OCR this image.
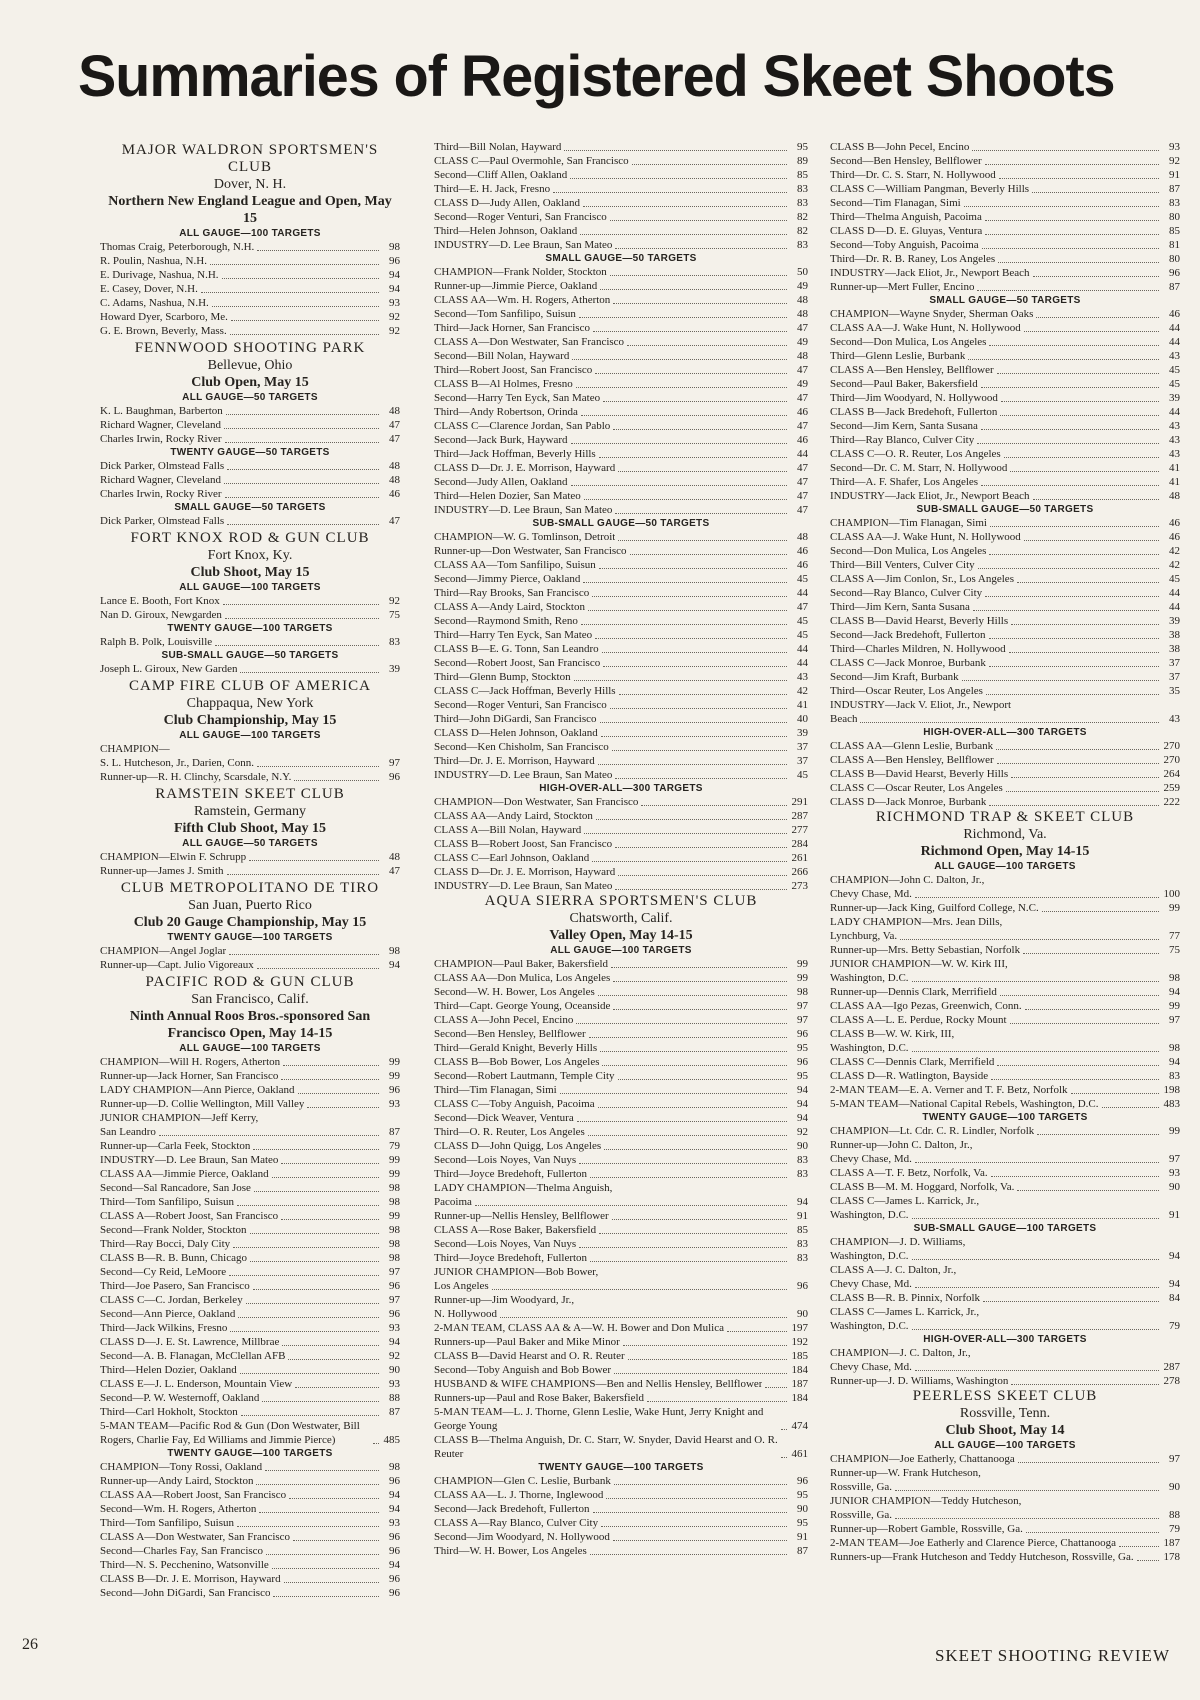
Summaries of Registered Skeet Shoots
MAJOR WALDRON SPORTSMEN'S CLUB
Dover, N. H.
Northern New England League and Open, May 15
ALL GAUGE—100 TARGETS
Thomas Craig, Peterborough, N.H.	98
R. Poulin, Nashua, N.H.	96
E. Durivage, Nashua, N.H.	94
E. Casey, Dover, N.H.	94
C. Adams, Nashua, N.H.	93
Howard Dyer, Scarboro, Me.	92
G. E. Brown, Beverly, Mass.	92
FENNWOOD SHOOTING PARK
Bellevue, Ohio
Club Open, May 15
ALL GAUGE—50 TARGETS
K. L. Baughman, Barberton	48
Richard Wagner, Cleveland	47
Charles Irwin, Rocky River	47
TWENTY GAUGE—50 TARGETS
Dick Parker, Olmstead Falls	48
Richard Wagner, Cleveland	48
Charles Irwin, Rocky River	46
SMALL GAUGE—50 TARGETS
Dick Parker, Olmstead Falls	47
FORT KNOX ROD & GUN CLUB
Fort Knox, Ky.
Club Shoot, May 15
ALL GAUGE—100 TARGETS
Lance E. Booth, Fort Knox	92
Nan D. Giroux, Newgarden	75
TWENTY GAUGE—100 TARGETS
Ralph B. Polk, Louisville	83
SUB-SMALL GAUGE—50 TARGETS
Joseph L. Giroux, New Garden	39
CAMP FIRE CLUB OF AMERICA
Chappaqua, New York
Club Championship, May 15
ALL GAUGE—100 TARGETS
CHAMPION—
S. L. Hutcheson, Jr., Darien, Conn.	97
Runner-up—R. H. Clinchy, Scarsdale, N.Y.	96
RAMSTEIN SKEET CLUB
Ramstein, Germany
Fifth Club Shoot, May 15
ALL GAUGE—50 TARGETS
CHAMPION—Elwin F. Schrupp	48
Runner-up—James J. Smith	47
CLUB METROPOLITANO DE TIRO
San Juan, Puerto Rico
Club 20 Gauge Championship, May 15
TWENTY GAUGE—100 TARGETS
CHAMPION—Angel Joglar	98
Runner-up—Capt. Julio Vigoreaux	94
PACIFIC ROD & GUN CLUB
San Francisco, Calif.
Ninth Annual Roos Bros.-sponsored San Francisco Open, May 14-15
ALL GAUGE—100 TARGETS
CHAMPION—Will H. Rogers, Atherton	99
Runner-up—Jack Horner, San Francisco	99
LADY CHAMPION—Ann Pierce, Oakland	96
Runner-up—D. Collie Wellington, Mill Valley	93
JUNIOR CHAMPION—Jeff Kerry,
San Leandro	87
Runner-up—Carla Feek, Stockton	79
INDUSTRY—D. Lee Braun, San Mateo	99
CLASS AA—Jimmie Pierce, Oakland	99
Second—Sal Rancadore, San Jose	98
Third—Tom Sanfilipo, Suisun	98
CLASS A—Robert Joost, San Francisco	99
Second—Frank Nolder, Stockton	98
Third—Ray Bocci, Daly City	98
CLASS B—R. B. Bunn, Chicago	98
Second—Cy Reid, LeMoore	97
Third—Joe Pasero, San Francisco	96
CLASS C—C. Jordan, Berkeley	97
Second—Ann Pierce, Oakland	96
Third—Jack Wilkins, Fresno	93
CLASS D—J. E. St. Lawrence, Millbrae	94
Second—A. B. Flanagan, McClellan AFB	92
Third—Helen Dozier, Oakland	90
CLASS E—J. L. Enderson, Mountain View	93
Second—P. W. Westernoff, Oakland	88
Third—Carl Hokholt, Stockton	87
5-MAN TEAM—Pacific Rod & Gun (Don Westwater, Bill Rogers, Charlie Fay, Ed Williams and Jimmie Pierce)	485
TWENTY GAUGE—100 TARGETS
CHAMPION—Tony Rossi, Oakland	98
Runner-up—Andy Laird, Stockton	96
CLASS AA—Robert Joost, San Francisco	94
Second—Wm. H. Rogers, Atherton	94
Third—Tom Sanfilipo, Suisun	93
CLASS A—Don Westwater, San Francisco	96
Second—Charles Fay, San Francisco	96
Third—N. S. Pecchenino, Watsonville	94
CLASS B—Dr. J. E. Morrison, Hayward	96
Second—John DiGardi, San Francisco	96
Third—Bill Nolan, Hayward	95
CLASS C—Paul Overmohle, San Francisco	89
Second—Cliff Allen, Oakland	85
Third—E. H. Jack, Fresno	83
CLASS D—Judy Allen, Oakland	83
Second—Roger Venturi, San Francisco	82
Third—Helen Johnson, Oakland	82
INDUSTRY—D. Lee Braun, San Mateo	83
SMALL GAUGE—50 TARGETS
CHAMPION—Frank Nolder, Stockton	50
Runner-up—Jimmie Pierce, Oakland	49
CLASS AA—Wm. H. Rogers, Atherton	48
Second—Tom Sanfilipo, Suisun	48
Third—Jack Horner, San Francisco	47
CLASS A—Don Westwater, San Francisco	49
Second—Bill Nolan, Hayward	48
Third—Robert Joost, San Francisco	47
CLASS B—Al Holmes, Fresno	49
Second—Harry Ten Eyck, San Mateo	47
Third—Andy Robertson, Orinda	46
CLASS C—Clarence Jordan, San Pablo	47
Second—Jack Burk, Hayward	46
Third—Jack Hoffman, Beverly Hills	44
CLASS D—Dr. J. E. Morrison, Hayward	47
Second—Judy Allen, Oakland	47
Third—Helen Dozier, San Mateo	47
INDUSTRY—D. Lee Braun, San Mateo	47
SUB-SMALL GAUGE—50 TARGETS
CHAMPION—W. G. Tomlinson, Detroit	48
Runner-up—Don Westwater, San Francisco	46
CLASS AA—Tom Sanfilipo, Suisun	46
Second—Jimmy Pierce, Oakland	45
Third—Ray Brooks, San Francisco	44
CLASS A—Andy Laird, Stockton	47
Second—Raymond Smith, Reno	45
Third—Harry Ten Eyck, San Mateo	45
CLASS B—E. G. Tonn, San Leandro	44
Second—Robert Joost, San Francisco	44
Third—Glenn Bump, Stockton	43
CLASS C—Jack Hoffman, Beverly Hills	42
Second—Roger Venturi, San Francisco	41
Third—John DiGardi, San Francisco	40
CLASS D—Helen Johnson, Oakland	39
Second—Ken Chisholm, San Francisco	37
Third—Dr. J. E. Morrison, Hayward	37
INDUSTRY—D. Lee Braun, San Mateo	45
HIGH-OVER-ALL—300 TARGETS
CHAMPION—Don Westwater, San Francisco	291
CLASS AA—Andy Laird, Stockton	287
CLASS A—Bill Nolan, Hayward	277
CLASS B—Robert Joost, San Francisco	284
CLASS C—Earl Johnson, Oakland	261
CLASS D—Dr. J. E. Morrison, Hayward	266
INDUSTRY—D. Lee Braun, San Mateo	273
AQUA SIERRA SPORTSMEN'S CLUB
Chatsworth, Calif.
Valley Open, May 14-15
ALL GAUGE—100 TARGETS
CHAMPION—Paul Baker, Bakersfield	99
CLASS AA—Don Mulica, Los Angeles	99
Second—W. H. Bower, Los Angeles	98
Third—Capt. George Young, Oceanside	97
CLASS A—John Pecel, Encino	97
Second—Ben Hensley, Bellflower	96
Third—Gerald Knight, Beverly Hills	95
CLASS B—Bob Bower, Los Angeles	96
Second—Robert Lautmann, Temple City	95
Third—Tim Flanagan, Simi	94
CLASS C—Toby Anguish, Pacoima	94
Second—Dick Weaver, Ventura	94
Third—O. R. Reuter, Los Angeles	92
CLASS D—John Quigg, Los Angeles	90
Second—Lois Noyes, Van Nuys	83
Third—Joyce Bredehoft, Fullerton	83
LADY CHAMPION—Thelma Anguish,
Pacoima	94
Runner-up—Nellis Hensley, Bellflower	91
CLASS A—Rose Baker, Bakersfield	85
Second—Lois Noyes, Van Nuys	83
Third—Joyce Bredehoft, Fullerton	83
JUNIOR CHAMPION—Bob Bower,
Los Angeles	96
Runner-up—Jim Woodyard, Jr.,
N. Hollywood	90
2-MAN TEAM, CLASS AA & A—W. H. Bower and Don Mulica	197
Runners-up—Paul Baker and Mike Minor	192
CLASS B—David Hearst and O. R. Reuter	185
Second—Toby Anguish and Bob Bower	184
HUSBAND & WIFE CHAMPIONS—Ben and Nellis Hensley, Bellflower	187
Runners-up—Paul and Rose Baker, Bakersfield	184
5-MAN TEAM—L. J. Thorne, Glenn Leslie, Wake Hunt, Jerry Knight and George Young	474
CLASS B—Thelma Anguish, Dr. C. Starr, W. Snyder, David Hearst and O. R. Reuter	461
TWENTY GAUGE—100 TARGETS
CHAMPION—Glen C. Leslie, Burbank	96
CLASS AA—L. J. Thorne, Inglewood	95
Second—Jack Bredehoft, Fullerton	90
CLASS A—Ray Blanco, Culver City	95
Second—Jim Woodyard, N. Hollywood	91
Third—W. H. Bower, Los Angeles	87
CLASS B—John Pecel, Encino	93
Second—Ben Hensley, Bellflower	92
Third—Dr. C. S. Starr, N. Hollywood	91
CLASS C—William Pangman, Beverly Hills	87
Second—Tim Flanagan, Simi	83
Third—Thelma Anguish, Pacoima	80
CLASS D—D. E. Gluyas, Ventura	85
Second—Toby Anguish, Pacoima	81
Third—Dr. R. B. Raney, Los Angeles	80
INDUSTRY—Jack Eliot, Jr., Newport Beach	96
Runner-up—Mert Fuller, Encino	87
SMALL GAUGE—50 TARGETS
CHAMPION—Wayne Snyder, Sherman Oaks	46
CLASS AA—J. Wake Hunt, N. Hollywood	44
Second—Don Mulica, Los Angeles	44
Third—Glenn Leslie, Burbank	43
CLASS A—Ben Hensley, Bellflower	45
Second—Paul Baker, Bakersfield	45
Third—Jim Woodyard, N. Hollywood	39
CLASS B—Jack Bredehoft, Fullerton	44
Second—Jim Kern, Santa Susana	43
Third—Ray Blanco, Culver City	43
CLASS C—O. R. Reuter, Los Angeles	43
Second—Dr. C. M. Starr, N. Hollywood	41
Third—A. F. Shafer, Los Angeles	41
INDUSTRY—Jack Eliot, Jr., Newport Beach	48
SUB-SMALL GAUGE—50 TARGETS
CHAMPION—Tim Flanagan, Simi	46
CLASS AA—J. Wake Hunt, N. Hollywood	46
Second—Don Mulica, Los Angeles	42
Third—Bill Venters, Culver City	42
CLASS A—Jim Conlon, Sr., Los Angeles	45
Second—Ray Blanco, Culver City	44
Third—Jim Kern, Santa Susana	44
CLASS B—David Hearst, Beverly Hills	39
Second—Jack Bredehoft, Fullerton	38
Third—Charles Mildren, N. Hollywood	38
CLASS C—Jack Monroe, Burbank	37
Second—Jim Kraft, Burbank	37
Third—Oscar Reuter, Los Angeles	35
INDUSTRY—Jack V. Eliot, Jr., Newport
Beach	43
HIGH-OVER-ALL—300 TARGETS
CLASS AA—Glenn Leslie, Burbank	270
CLASS A—Ben Hensley, Bellflower	270
CLASS B—David Hearst, Beverly Hills	264
CLASS C—Oscar Reuter, Los Angeles	259
CLASS D—Jack Monroe, Burbank	222
RICHMOND TRAP & SKEET CLUB
Richmond, Va.
Richmond Open, May 14-15
ALL GAUGE—100 TARGETS
CHAMPION—John C. Dalton, Jr.,
Chevy Chase, Md.	100
Runner-up—Jack King, Guilford College, N.C.	99
LADY CHAMPION—Mrs. Jean Dills,
Lynchburg, Va.	77
Runner-up—Mrs. Betty Sebastian, Norfolk	75
JUNIOR CHAMPION—W. W. Kirk III,
Washington, D.C.	98
Runner-up—Dennis Clark, Merrifield	94
CLASS AA—Igo Pezas, Greenwich, Conn.	99
CLASS A—L. E. Perdue, Rocky Mount	97
CLASS B—W. W. Kirk, III,
Washington, D.C.	98
CLASS C—Dennis Clark, Merrifield	94
CLASS D—R. Watlington, Bayside	83
2-MAN TEAM—E. A. Verner and T. F. Betz, Norfolk	198
5-MAN TEAM—National Capital Rebels, Washington, D.C.	483
TWENTY GAUGE—100 TARGETS
CHAMPION—Lt. Cdr. C. R. Lindler, Norfolk	99
Runner-up—John C. Dalton, Jr.,
Chevy Chase, Md.	97
CLASS A—T. F. Betz, Norfolk, Va.	93
CLASS B—M. M. Hoggard, Norfolk, Va.	90
CLASS C—James L. Karrick, Jr.,
Washington, D.C.	91
SUB-SMALL GAUGE—100 TARGETS
CHAMPION—J. D. Williams,
Washington, D.C.	94
CLASS A—J. C. Dalton, Jr.,
Chevy Chase, Md.	94
CLASS B—R. B. Pinnix, Norfolk	84
CLASS C—James L. Karrick, Jr.,
Washington, D.C.	79
HIGH-OVER-ALL—300 TARGETS
CHAMPION—J. C. Dalton, Jr.,
Chevy Chase, Md.	287
Runner-up—J. D. Williams, Washington	278
PEERLESS SKEET CLUB
Rossville, Tenn.
Club Shoot, May 14
ALL GAUGE—100 TARGETS
CHAMPION—Joe Eatherly, Chattanooga	97
Runner-up—W. Frank Hutcheson,
Rossville, Ga.	90
JUNIOR CHAMPION—Teddy Hutcheson,
Rossville, Ga.	88
Runner-up—Robert Gamble, Rossville, Ga.	79
2-MAN TEAM—Joe Eatherly and Clarence Pierce, Chattanooga	187
Runners-up—Frank Hutcheson and Teddy Hutcheson, Rossville, Ga.	178
26
SKEET SHOOTING REVIEW
